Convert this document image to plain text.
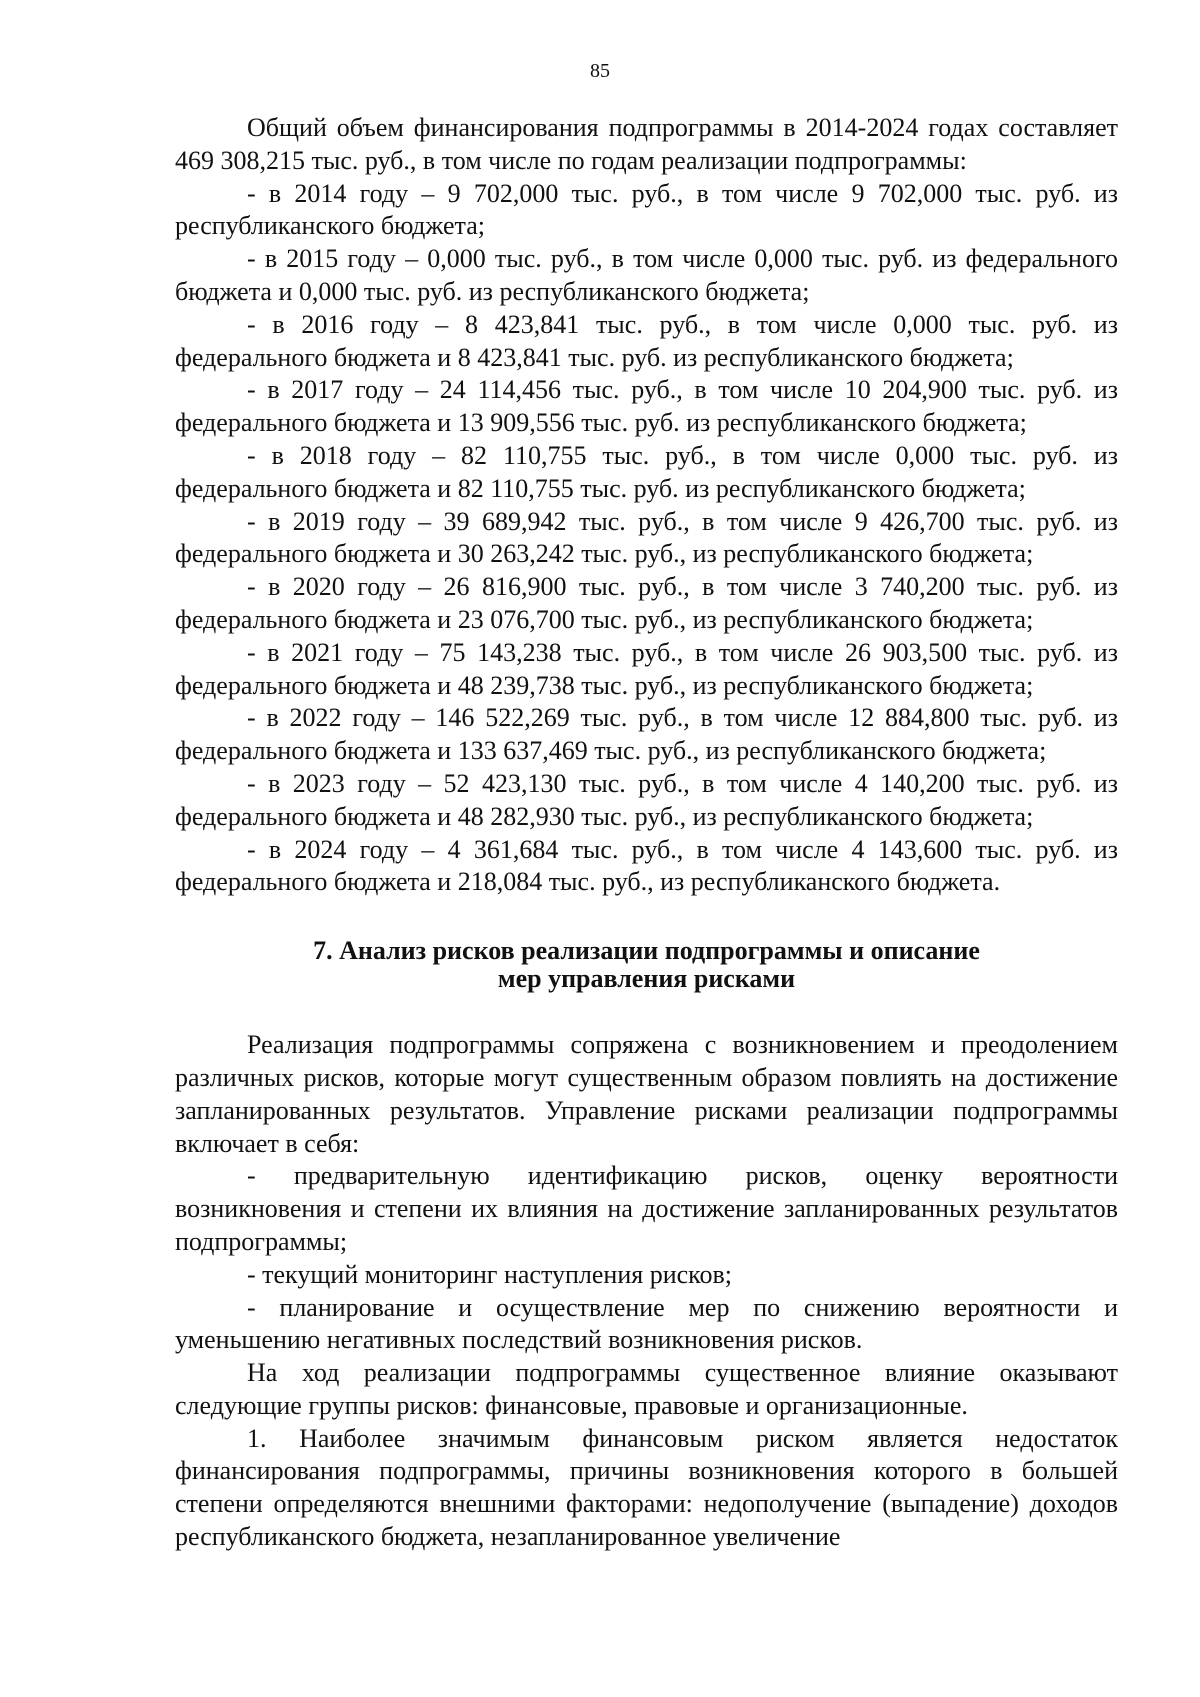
85

Общий объем финансирования подпрограммы в 2014-2024 годах составляет 469 308,215 тыс. руб., в том числе по годам реализации подпрограммы:

- в 2014 году – 9 702,000 тыс. руб., в том числе 9 702,000 тыс. руб. из республиканского бюджета;

- в 2015 году – 0,000 тыс. руб., в том числе 0,000 тыс. руб. из федерального бюджета и 0,000 тыс. руб. из республиканского бюджета;

- в 2016 году – 8 423,841 тыс. руб., в том числе 0,000 тыс. руб. из федерального бюджета и 8 423,841 тыс. руб. из республиканского бюджета;

- в 2017 году – 24 114,456 тыс. руб., в том числе 10 204,900 тыс. руб. из федерального бюджета и 13 909,556 тыс. руб. из республиканского бюджета;

- в 2018 году – 82 110,755 тыс. руб., в том числе 0,000 тыс. руб. из федерального бюджета и 82 110,755 тыс. руб. из республиканского бюджета;

- в 2019 году – 39 689,942 тыс. руб., в том числе 9 426,700 тыс. руб. из федерального бюджета и 30 263,242 тыс. руб., из республиканского бюджета;

- в 2020 году – 26 816,900 тыс. руб., в том числе 3 740,200 тыс. руб. из федерального бюджета и 23 076,700 тыс. руб., из республиканского бюджета;

- в 2021 году – 75 143,238 тыс. руб., в том числе 26 903,500 тыс. руб. из федерального бюджета и 48 239,738 тыс. руб., из республиканского бюджета;

- в 2022 году – 146 522,269 тыс. руб., в том числе 12 884,800 тыс. руб. из федерального бюджета и 133 637,469 тыс. руб., из республиканского бюджета;

- в 2023 году – 52 423,130 тыс. руб., в том числе 4 140,200 тыс. руб. из федерального бюджета и 48 282,930 тыс. руб., из республиканского бюджета;

- в 2024 году – 4 361,684 тыс. руб., в том числе 4 143,600 тыс. руб. из федерального бюджета и 218,084 тыс. руб., из республиканского бюджета.

7. Анализ рисков реализации подпрограммы и описание
мер управления рисками

Реализация подпрограммы сопряжена с возникновением и преодолением различных рисков, которые могут существенным образом повлиять на достижение запланированных результатов. Управление рисками реализации подпрограммы включает в себя:

- предварительную идентификацию рисков, оценку вероятности возникновения и степени их влияния на достижение запланированных результатов подпрограммы;

- текущий мониторинг наступления рисков;

- планирование и осуществление мер по снижению вероятности и уменьшению негативных последствий возникновения рисков.

На ход реализации подпрограммы существенное влияние оказывают следующие группы рисков: финансовые, правовые и организационные.

1. Наиболее значимым финансовым риском является недостаток финансирования подпрограммы, причины возникновения которого в большей степени определяются внешними факторами: недополучение (выпадение) доходов республиканского бюджета, незапланированное увеличение
